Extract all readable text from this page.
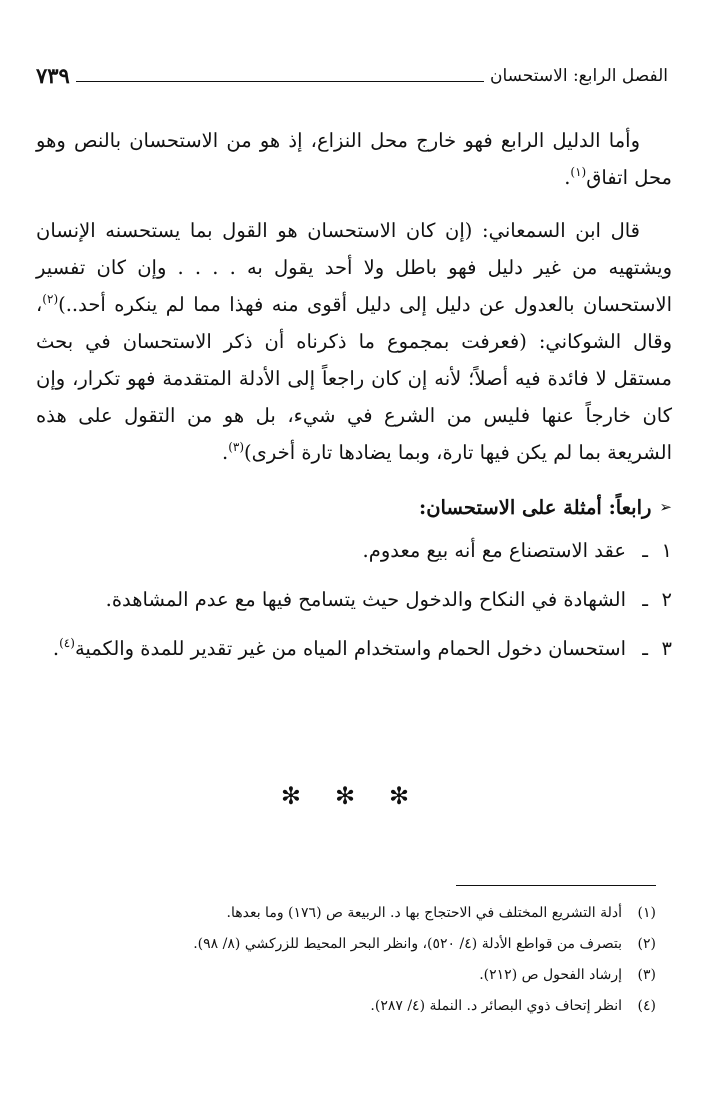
الفصل الرابع: الاستحسان
٧٣٩

وأما الدليل الرابع فهو خارج محل النزاع، إذ هو من الاستحسان بالنص وهو محل اتفاق$^{(١)}$.

قال ابن السمعاني: (إن كان الاستحسان هو القول بما يستحسنه الإنسان ويشتهيه من غير دليل فهو باطل ولا أحد يقول به . . . . وإن كان تفسير الاستحسان بالعدول عن دليل إلى دليل أقوى منه فهذا مما لم ينكره أحد..)$^{(٢)}$، وقال الشوكاني: (فعرفت بمجموع ما ذكرناه أن ذكر الاستحسان في بحث مستقل لا فائدة فيه أصلاً؛ لأنه إن كان راجعاً إلى الأدلة المتقدمة فهو تكرار، وإن كان خارجاً عنها فليس من الشرع في شيء، بل هو من التقول على هذه الشريعة بما لم يكن فيها تارة، وبما يضادها تارة أخرى)$^{(٣)}$.

➢
رابعاً: أمثلة على الاستحسان:
١
ـ
عقد الاستصناع مع أنه بيع معدوم.
٢
ـ
الشهادة في النكاح والدخول حيث يتسامح فيها مع عدم المشاهدة.
٣
ـ
استحسان دخول الحمام واستخدام المياه من غير تقدير للمدة والكمية$^{(٤)}$.
✻ ✻ ✻
(١)
أدلة التشريع المختلف في الاحتجاج بها د. الربيعة ص (١٧٦) وما بعدها.
(٢)
بتصرف من قواطع الأدلة (٤/ ٥٢٠)، وانظر البحر المحيط للزركشي (٨/ ٩٨).
(٣)
إرشاد الفحول ص (٢١٢).
(٤)
انظر إتحاف ذوي البصائر د. النملة (٤/ ٢٨٧).
